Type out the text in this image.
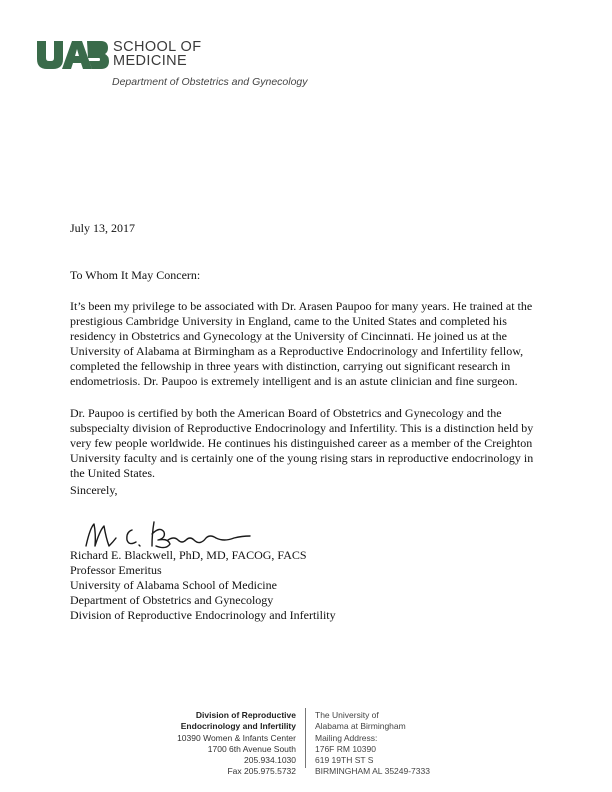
SCHOOL OF
MEDICINE
Department of Obstetrics and Gynecology
July 13, 2017
To Whom It May Concern:
It’s been my privilege to be associated with Dr. Arasen Paupoo for many years. He trained at the
prestigious Cambridge University in England, came to the United States and completed his
residency in Obstetrics and Gynecology at the University of Cincinnati. He joined us at the
University of Alabama at Birmingham as a Reproductive Endocrinology and Infertility fellow,
completed the fellowship in three years with distinction, carrying out significant research in
endometriosis. Dr. Paupoo is extremely intelligent and is an astute clinician and fine surgeon.
Dr. Paupoo is certified by both the American Board of Obstetrics and Gynecology and the
subspecialty division of Reproductive Endocrinology and Infertility. This is a distinction held by
very few people worldwide. He continues his distinguished career as a member of the Creighton
University faculty and is certainly one of the young rising stars in reproductive endocrinology in
the United States.
Sincerely,
Richard E. Blackwell, PhD, MD, FACOG, FACS
Professor Emeritus
University of Alabama School of Medicine
Department of Obstetrics and Gynecology
Division of Reproductive Endocrinology and Infertility
Division of Reproductive
Endocrinology and Infertility
10390 Women & Infants Center
1700 6th Avenue South
205.934.1030
Fax 205.975.5732
The University of
Alabama at Birmingham
Mailing Address:
176F RM 10390
619 19TH ST S
BIRMINGHAM AL 35249-7333
